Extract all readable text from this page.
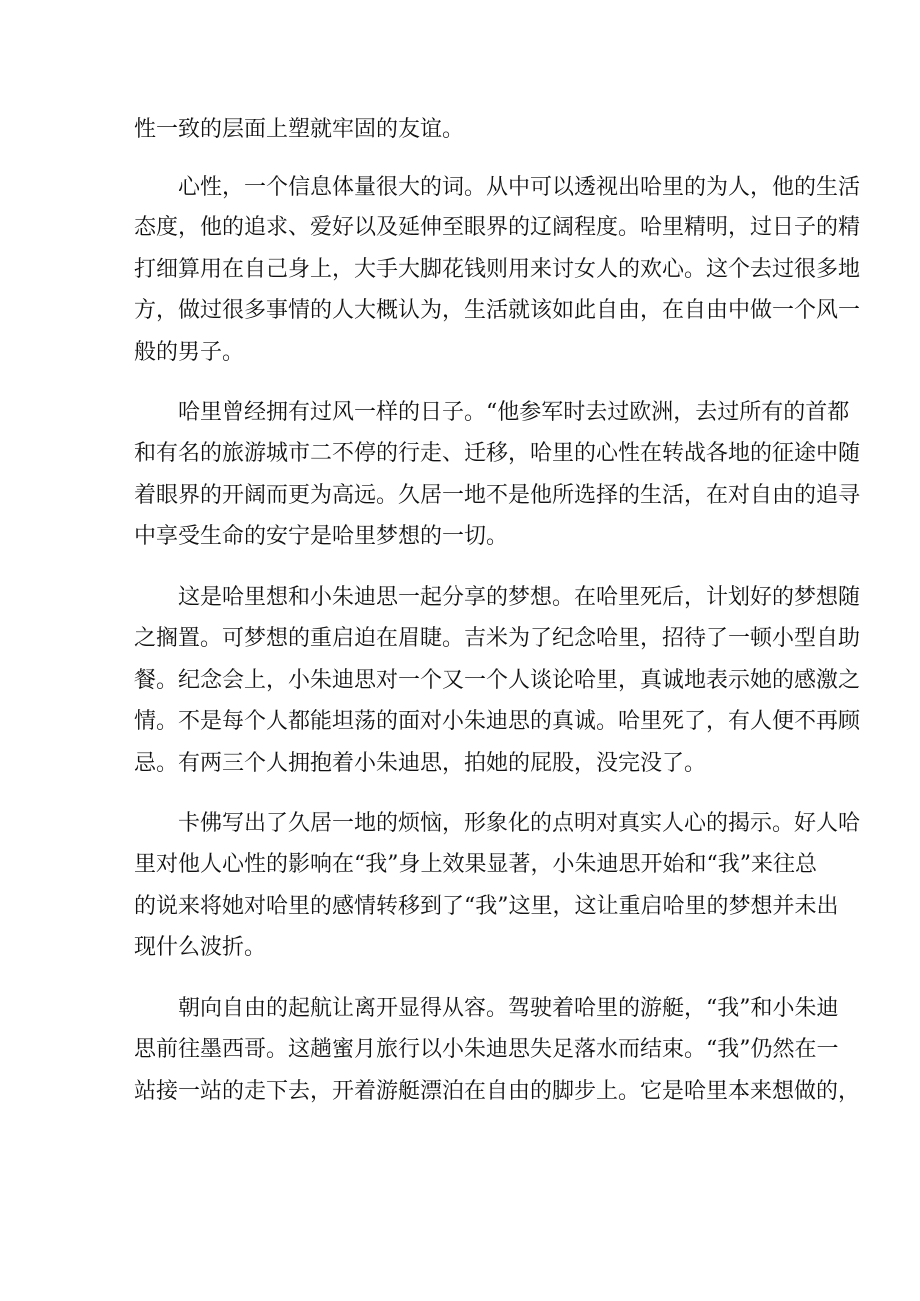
性一致的层面上塑就牢固的友谊。
心性，一个信息体量很大的词。从中可以透视出哈里的为人，他的生活
态度，他的追求、爱好以及延伸至眼界的辽阔程度。哈里精明，过日子的精
打细算用在自己身上，大手大脚花钱则用来讨女人的欢心。这个去过很多地
方，做过很多事情的人大概认为，生活就该如此自由，在自由中做一个风一
般的男子。
哈里曾经拥有过风一样的日子。“他参军时去过欧洲，去过所有的首都
和有名的旅游城市二不停的行走、迁移，哈里的心性在转战各地的征途中随
着眼界的开阔而更为高远。久居一地不是他所选择的生活，在对自由的追寻
中享受生命的安宁是哈里梦想的一切。
这是哈里想和小朱迪思一起分享的梦想。在哈里死后，计划好的梦想随
之搁置。可梦想的重启迫在眉睫。吉米为了纪念哈里，招待了一顿小型自助
餐。纪念会上，小朱迪思对一个又一个人谈论哈里，真诚地表示她的感激之
情。不是每个人都能坦荡的面对小朱迪思的真诚。哈里死了，有人便不再顾
忌。有两三个人拥抱着小朱迪思，拍她的屁股，没完没了。
卡佛写出了久居一地的烦恼，形象化的点明对真实人心的揭示。好人哈
里对他人心性的影响在“我”身上效果显著，小朱迪思开始和“我”来往总
的说来将她对哈里的感情转移到了“我”这里，这让重启哈里的梦想并未出
现什么波折。
朝向自由的起航让离开显得从容。驾驶着哈里的游艇，“我”和小朱迪
思前往墨西哥。这趟蜜月旅行以小朱迪思失足落水而结束。“我”仍然在一
站接一站的走下去，开着游艇漂泊在自由的脚步上。它是哈里本来想做的，
